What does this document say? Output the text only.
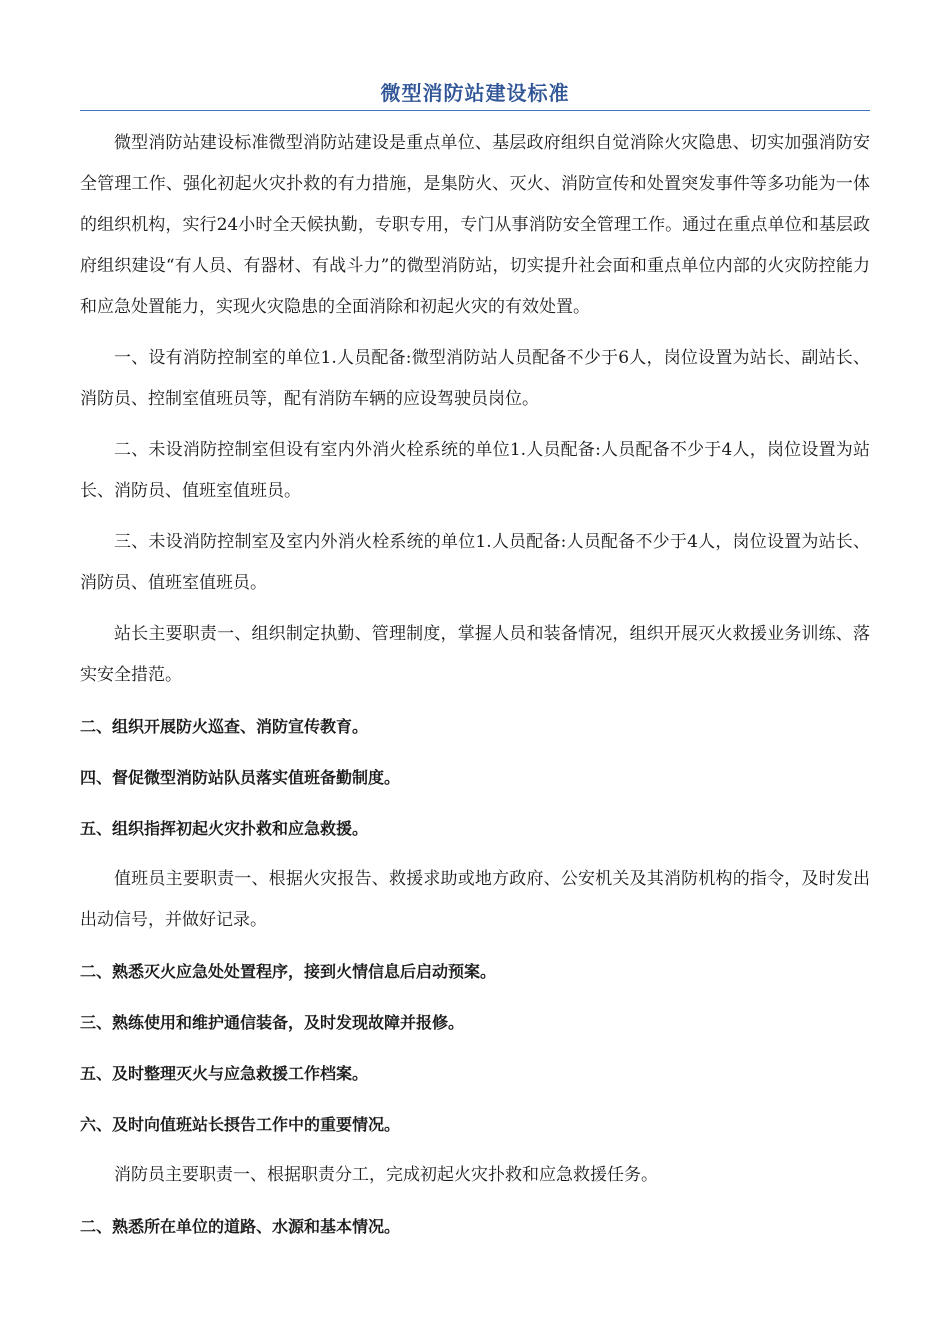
微型消防站建设标准

微型消防站建设标准微型消防站建设是重点单位、基层政府组织自觉消除火灾隐患、切实加强消防安全管理工作、强化初起火灾扑救的有力措施，是集防火、灭火、消防宣传和处置突发事件等多功能为一体的组织机构，实行24小时全天候执勤，专职专用，专门从事消防安全管理工作。通过在重点单位和基层政府组织建设“有人员、有器材、有战斗力”的微型消防站，切实提升社会面和重点单位内部的火灾防控能力和应急处置能力，实现火灾隐患的全面消除和初起火灾的有效处置。

一、设有消防控制室的单位1.人员配备:微型消防站人员配备不少于6人，岗位设置为站长、副站长、消防员、控制室值班员等，配有消防车辆的应设驾驶员岗位。

二、未设消防控制室但设有室内外消火栓系统的单位1.人员配备:人员配备不少于4人，岗位设置为站长、消防员、值班室值班员。

三、未设消防控制室及室内外消火栓系统的单位1.人员配备:人员配备不少于4人，岗位设置为站长、消防员、值班室值班员。

站长主要职责一、组织制定执勤、管理制度，掌握人员和装备情况，组织开展灭火救援业务训练、落实安全措范。

二、组织开展防火巡查、消防宣传教育。
四、督促微型消防站队员落实值班备勤制度。
五、组织指挥初起火灾扑救和应急救援。

值班员主要职责一、根据火灾报告、救援求助或地方政府、公安机关及其消防机构的指令，及时发出出动信号，并做好记录。

二、熟悉灭火应急处处置程序，接到火情信息后启动预案。
三、熟练使用和维护通信装备，及时发现故障并报修。
五、及时整理灭火与应急救援工作档案。
六、及时向值班站长摂告工作中的重要情况。

消防员主要职责一、根据职责分工，完成初起火灾扑救和应急救援任务。

二、熟悉所在单位的道路、水源和基本情况。
